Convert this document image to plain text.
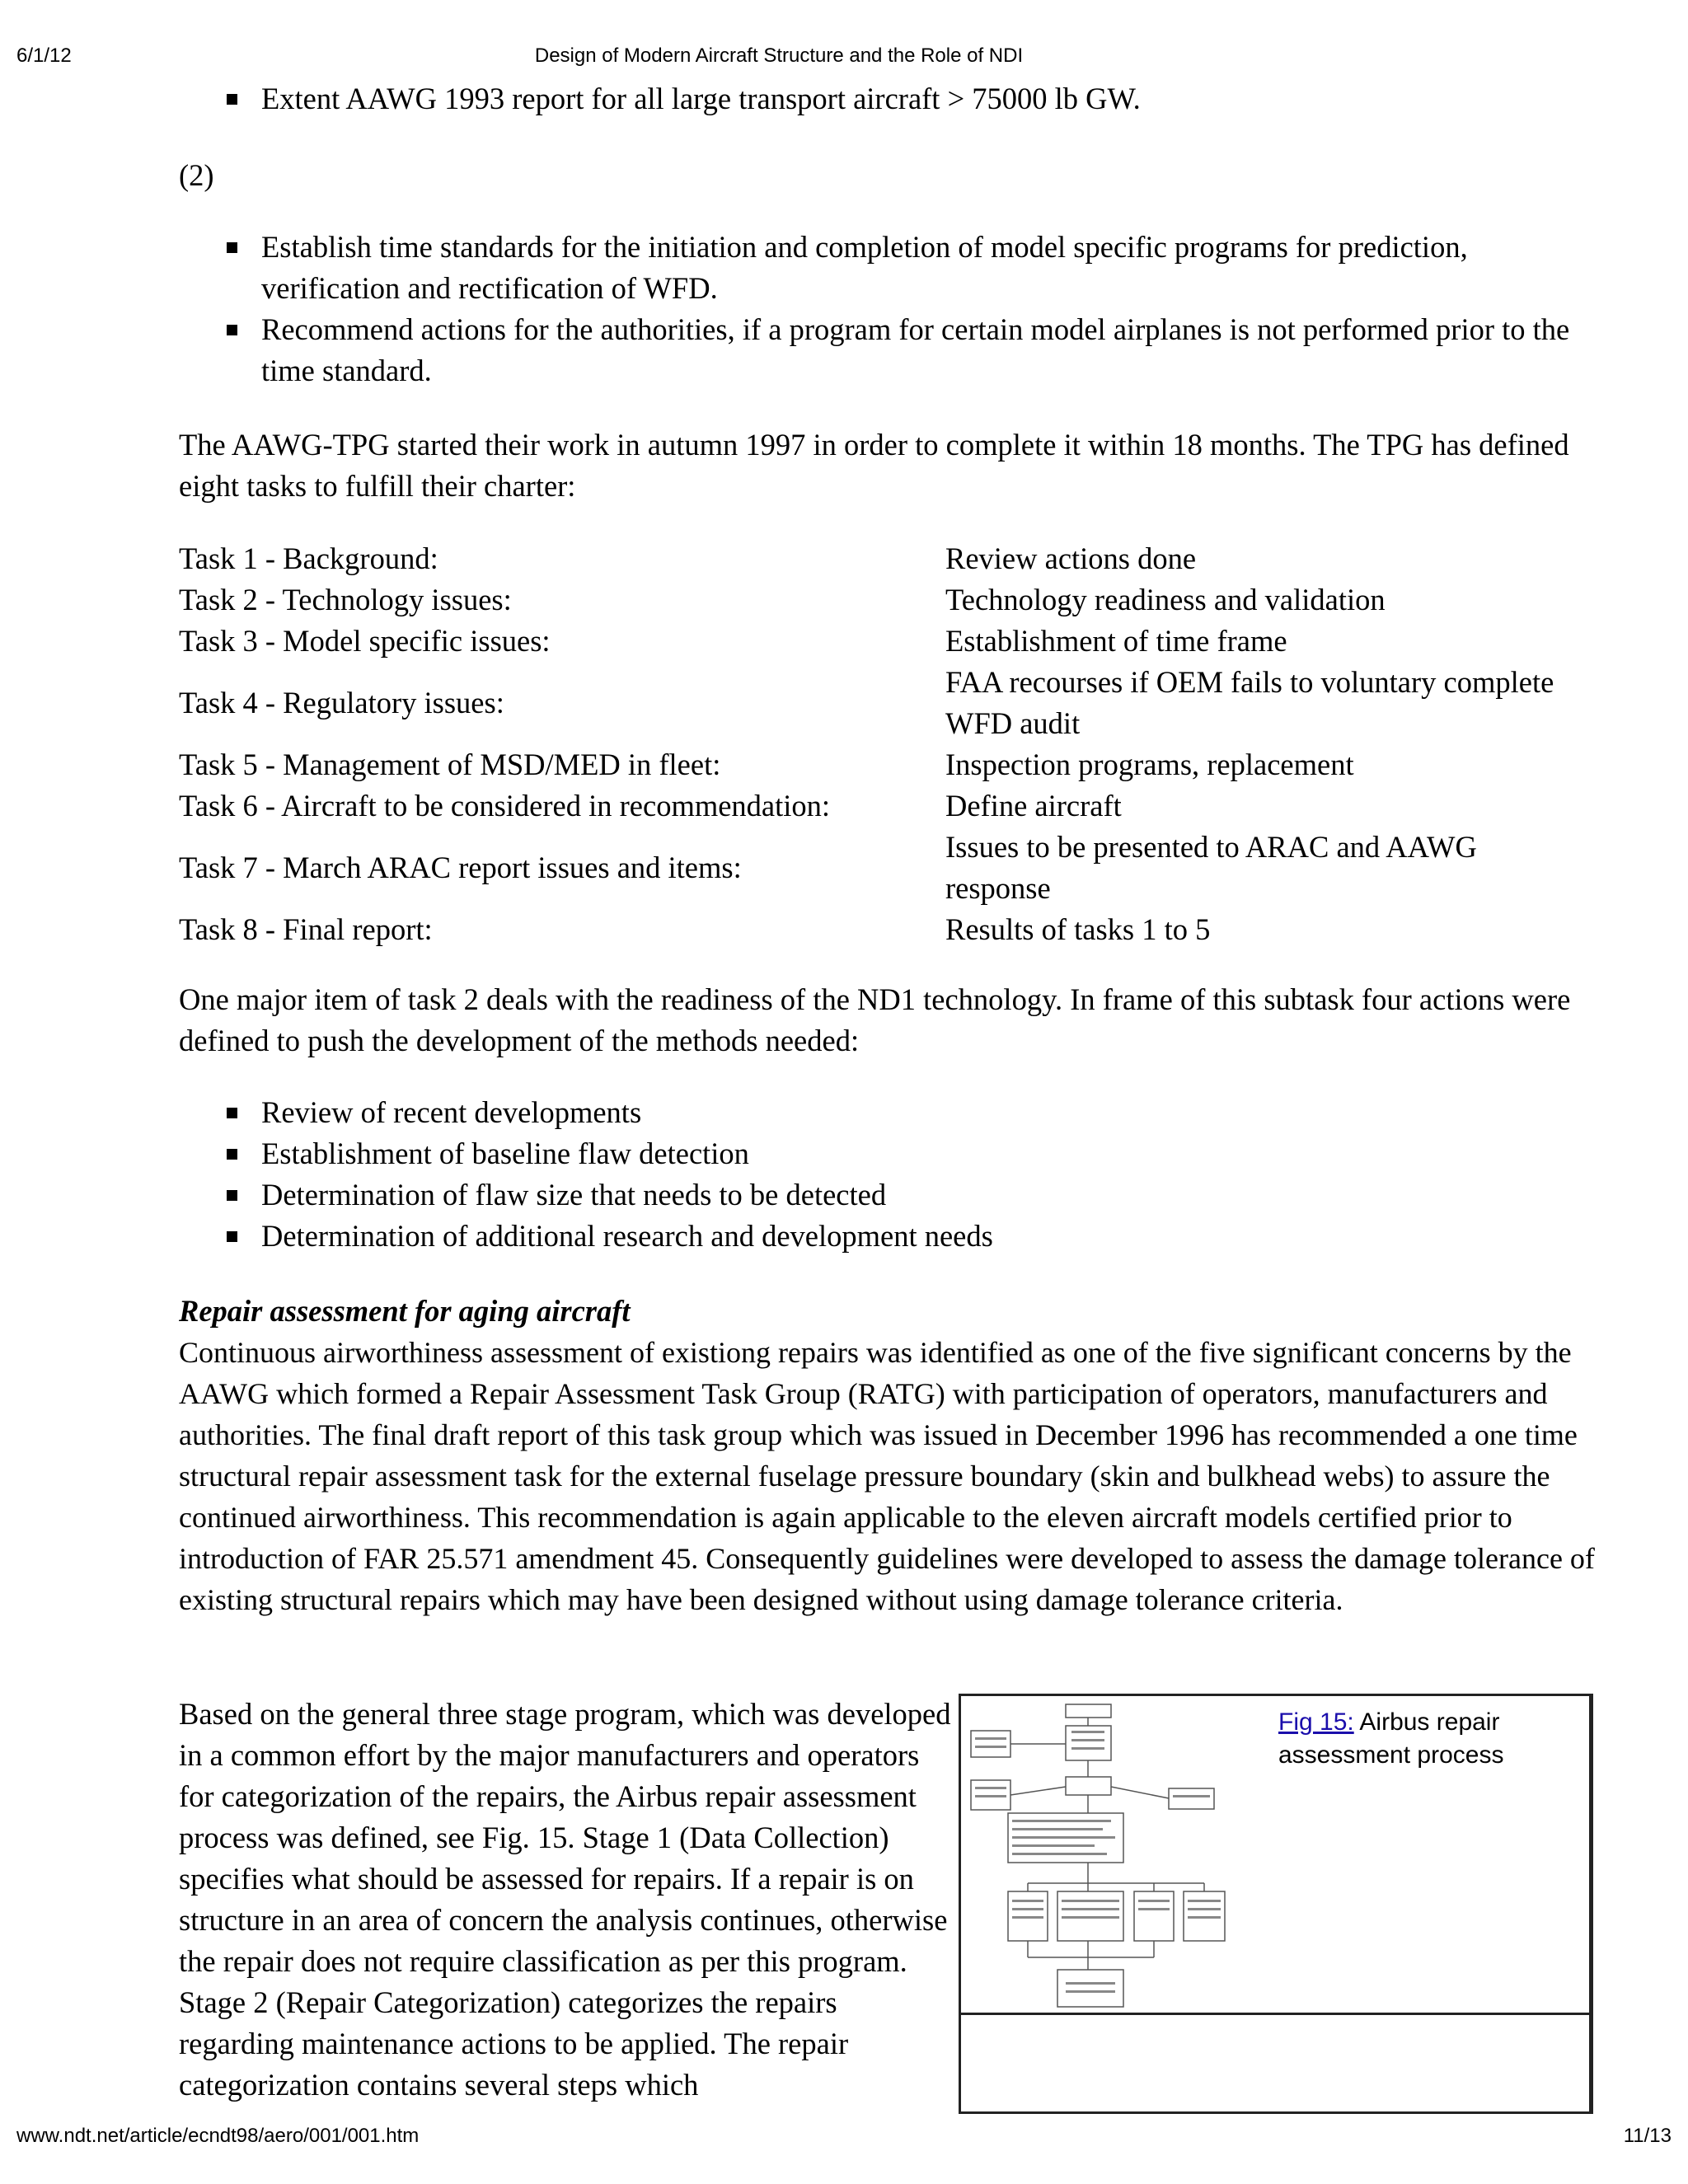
6/1/12	Design of Modern Aircraft Structure and the Role of NDI
www.ndt.net/article/ecndt98/aero/001/001.htm	11/13
Extent AAWG 1993 report for all large transport aircraft > 75000 lb GW.
(2)
Establish time standards for the initiation and completion of model specific programs for prediction, verification and rectification of WFD.
Recommend actions for the authorities, if a program for certain model airplanes is not performed prior to the time standard.
The AAWG-TPG started their work in autumn 1997 in order to complete it within 18 months. The TPG has defined eight tasks to fulfill their charter:
Task 1 - Background:	Review actions done
Task 2 - Technology issues:	Technology readiness and validation
Task 3 - Model specific issues:	Establishment of time frame
Task 4 - Regulatory issues:	FAA recourses if OEM fails to voluntary complete WFD audit
Task 5 - Management of MSD/MED in fleet:	Inspection programs, replacement
Task 6 - Aircraft to be considered in recommendation:	Define aircraft
Task 7 - March ARAC report issues and items:	Issues to be presented to ARAC and AAWG response
Task 8 - Final report:	Results of tasks 1 to 5
One major item of task 2 deals with the readiness of the ND1 technology. In frame of this subtask four actions were defined to push the development of the methods needed:
Review of recent developments
Establishment of baseline flaw detection
Determination of flaw size that needs to be detected
Determination of additional research and development needs
Repair assessment for aging aircraft
Continuous airworthiness assessment of existiong repairs was identified as one of the five significant concerns by the AAWG which formed a Repair Assessment Task Group (RATG) with participation of operators, manufacturers and authorities. The final draft report of this task group which was issued in December 1996 has recommended a one time structural repair assessment task for the external fuselage pressure boundary (skin and bulkhead webs) to assure the continued airworthiness. This recommendation is again applicable to the eleven aircraft models certified prior to introduction of FAR 25.571 amendment 45. Consequently guidelines were developed to assess the damage tolerance of existing structural repairs which may have been designed without using damage tolerance criteria.
Based on the general three stage program, which was developed in a common effort by the major manufacturers and operators for categorization of the repairs, the Airbus repair assessment process was defined, see Fig. 15. Stage 1 (Data Collection) specifies what should be assessed for repairs. If a repair is on structure in an area of concern the analysis continues, otherwise the repair does not require classification as per this program. Stage 2 (Repair Categorization) categorizes the repairs regarding maintenance actions to be applied. The repair categorization contains several steps which
Fig 15: Airbus repair assessment process
